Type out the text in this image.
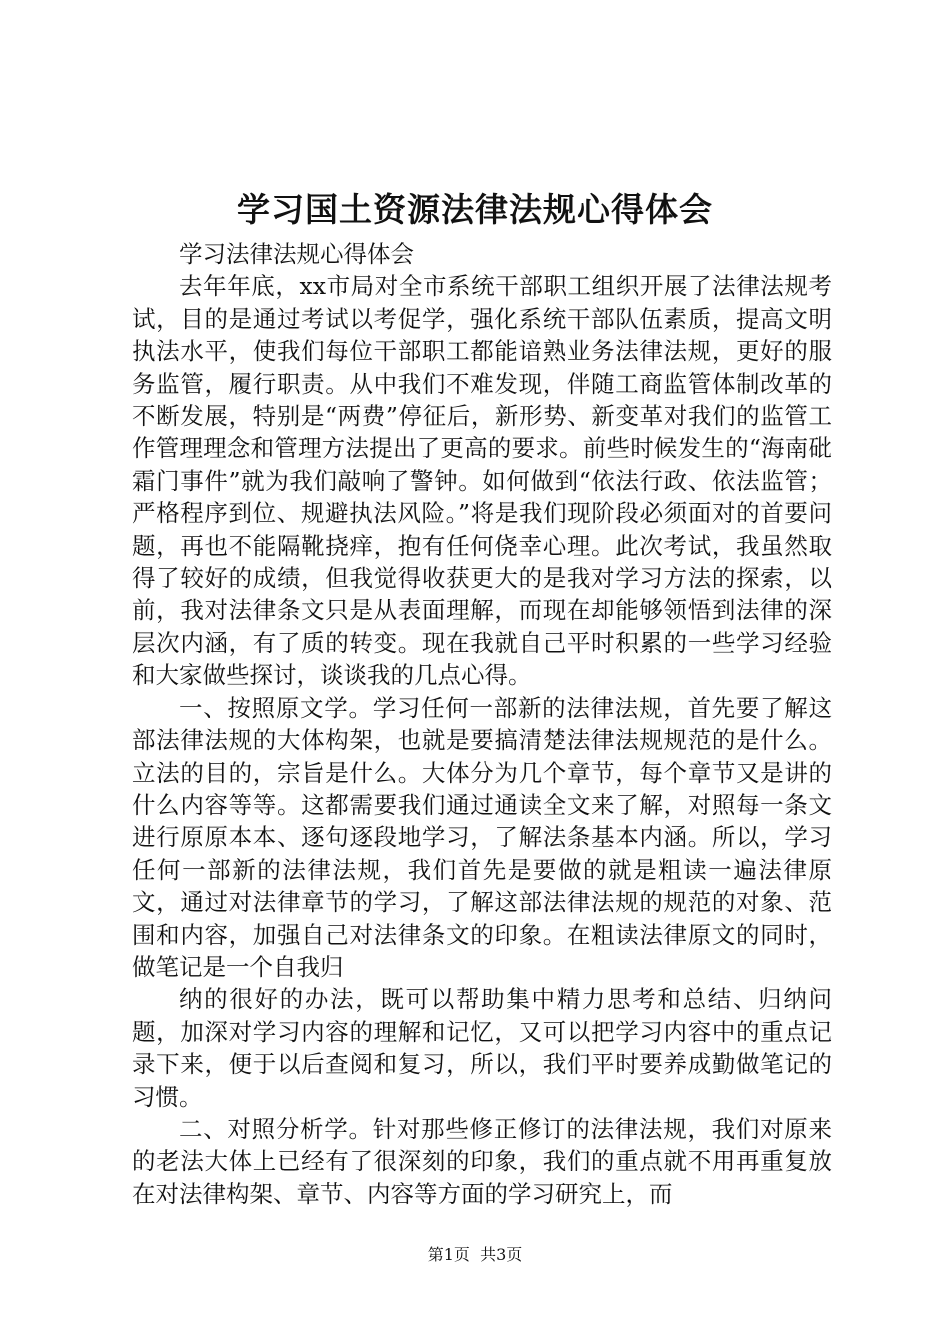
学习国土资源法律法规心得体会

学习法律法规心得体会

去年年底，xx市局对全市系统干部职工组织开展了法律法规考试，目的是通过考试以考促学，强化系统干部队伍素质，提高文明执法水平，使我们每位干部职工都能谙熟业务法律法规，更好的服务监管，履行职责。从中我们不难发现，伴随工商监管体制改革的不断发展，特别是“两费”停征后，新形势、新变革对我们的监管工作管理理念和管理方法提出了更高的要求。前些时候发生的“海南砒霜门事件”就为我们敲响了警钟。如何做到“依法行政、依法监管；严格程序到位、规避执法风险。”将是我们现阶段必须面对的首要问题，再也不能隔靴挠痒，抱有任何侥幸心理。此次考试，我虽然取得了较好的成绩，但我觉得收获更大的是我对学习方法的探索，以前，我对法律条文只是从表面理解，而现在却能够领悟到法律的深层次内涵，有了质的转变。现在我就自己平时积累的一些学习经验和大家做些探讨，谈谈我的几点心得。

一、按照原文学。学习任何一部新的法律法规，首先要了解这部法律法规的大体构架，也就是要搞清楚法律法规规范的是什么。立法的目的，宗旨是什么。大体分为几个章节，每个章节又是讲的什么内容等等。这都需要我们通过通读全文来了解，对照每一条文进行原原本本、逐句逐段地学习，了解法条基本内涵。所以，学习任何一部新的法律法规，我们首先是要做的就是粗读一遍法律原文，通过对法律章节的学习，了解这部法律法规的规范的对象、范围和内容，加强自己对法律条文的印象。在粗读法律原文的同时，做笔记是一个自我归

纳的很好的办法，既可以帮助集中精力思考和总结、归纳问题，加深对学习内容的理解和记忆，又可以把学习内容中的重点记录下来，便于以后查阅和复习，所以，我们平时要养成勤做笔记的习惯。

二、对照分析学。针对那些修正修订的法律法规，我们对原来的老法大体上已经有了很深刻的印象，我们的重点就不用再重复放在对法律构架、章节、内容等方面的学习研究上，而

第1页  共3页
